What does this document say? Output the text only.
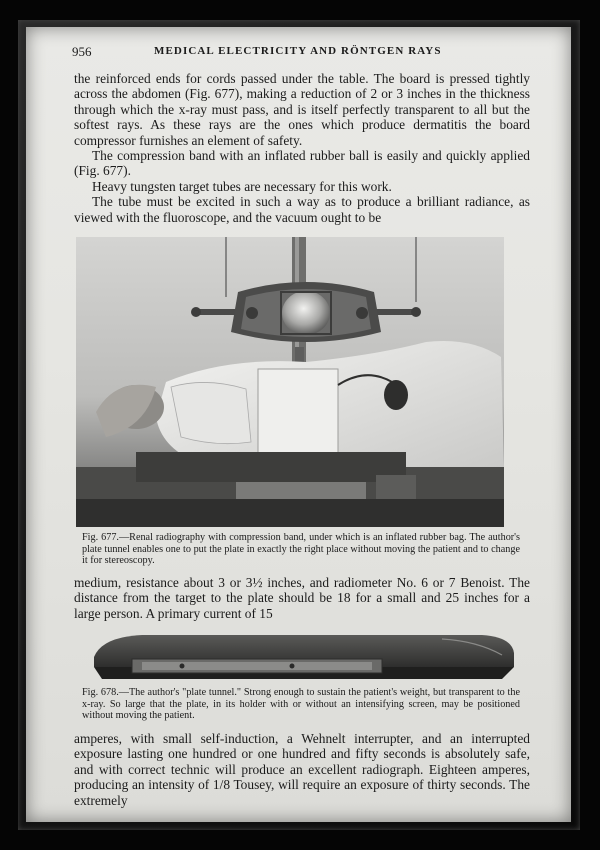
956	MEDICAL ELECTRICITY AND RÖNTGEN RAYS

the reinforced ends for cords passed under the table. The board is pressed tightly across the abdomen (Fig. 677), making a reduction of 2 or 3 inches in the thickness through which the x-ray must pass, and is itself perfectly transparent to all but the softest rays. As these rays are the ones which produce dermatitis the board compressor furnishes an element of safety.

The compression band with an inflated rubber ball is easily and quickly applied (Fig. 677).

Heavy tungsten target tubes are necessary for this work.

The tube must be excited in such a way as to produce a brilliant radiance, as viewed with the fluoroscope, and the vacuum ought to be

Fig. 677.—Renal radiography with compression band, under which is an inflated rubber bag. The author's plate tunnel enables one to put the plate in exactly the right place without moving the patient and to change it for stereoscopy.

medium, resistance about 3 or 3½ inches, and radiometer No. 6 or 7 Benoist. The distance from the target to the plate should be 18 for a small and 25 inches for a large person. A primary current of 15

Fig. 678.—The author's "plate tunnel." Strong enough to sustain the patient's weight, but transparent to the x-ray. So large that the plate, in its holder with or without an intensifying screen, may be positioned without moving the patient.

amperes, with small self-induction, a Wehnelt interrupter, and an interrupted exposure lasting one hundred or one hundred and fifty seconds is absolutely safe, and with correct technic will produce an excellent radiograph. Eighteen amperes, producing an intensity of 1/8 Tousey, will require an exposure of thirty seconds. The extremely
